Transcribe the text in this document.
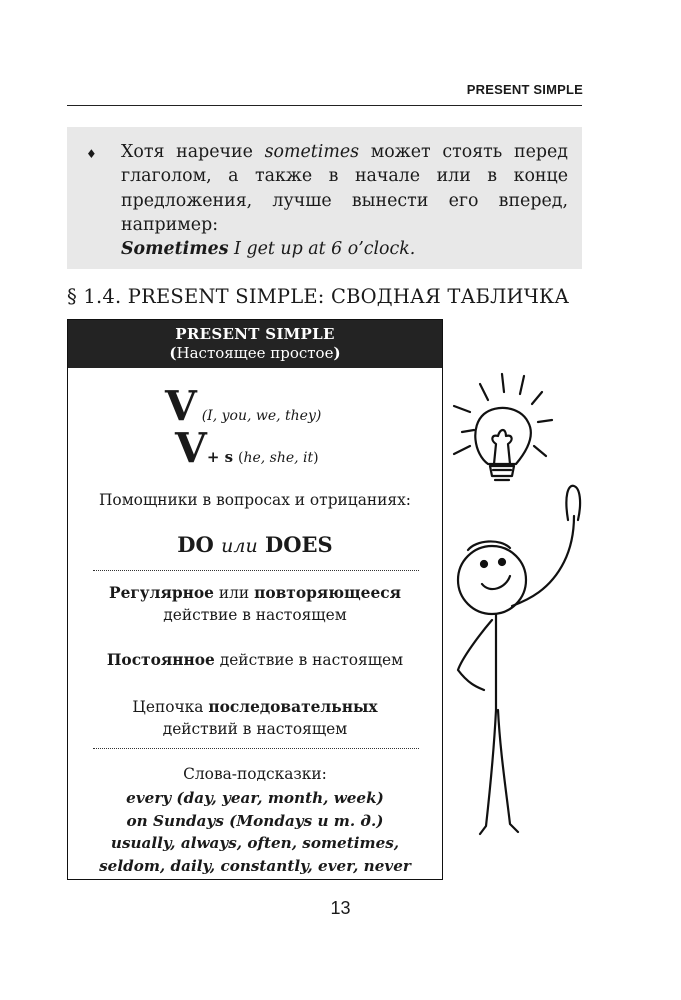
PRESENT SIMPLE
♦ Хотя наречие sometimes может стоять перед глаголом, а также в начале или в конце предложения, лучше вынести его вперед, например:
Sometimes I get up at 6 o’clock.
§ 1.4. PRESENT SIMPLE: СВОДНАЯ ТАБЛИЧКА
PRESENT SIMPLE
(Настоящее простое)
V (I, you, we, they)
V+ s (he, she, it)
Помощники в вопросах и отрицаниях:
DO или DOES
Регулярное или повторяющееся
действие в настоящем
Постоянное действие в настоящем
Цепочка последовательных
действий в настоящем
Слова-подсказки:
every (day, year, month, week)
on Sundays (Mondays и т. д.)
usually, always, often, sometimes,
seldom, daily, constantly, ever, never
13
